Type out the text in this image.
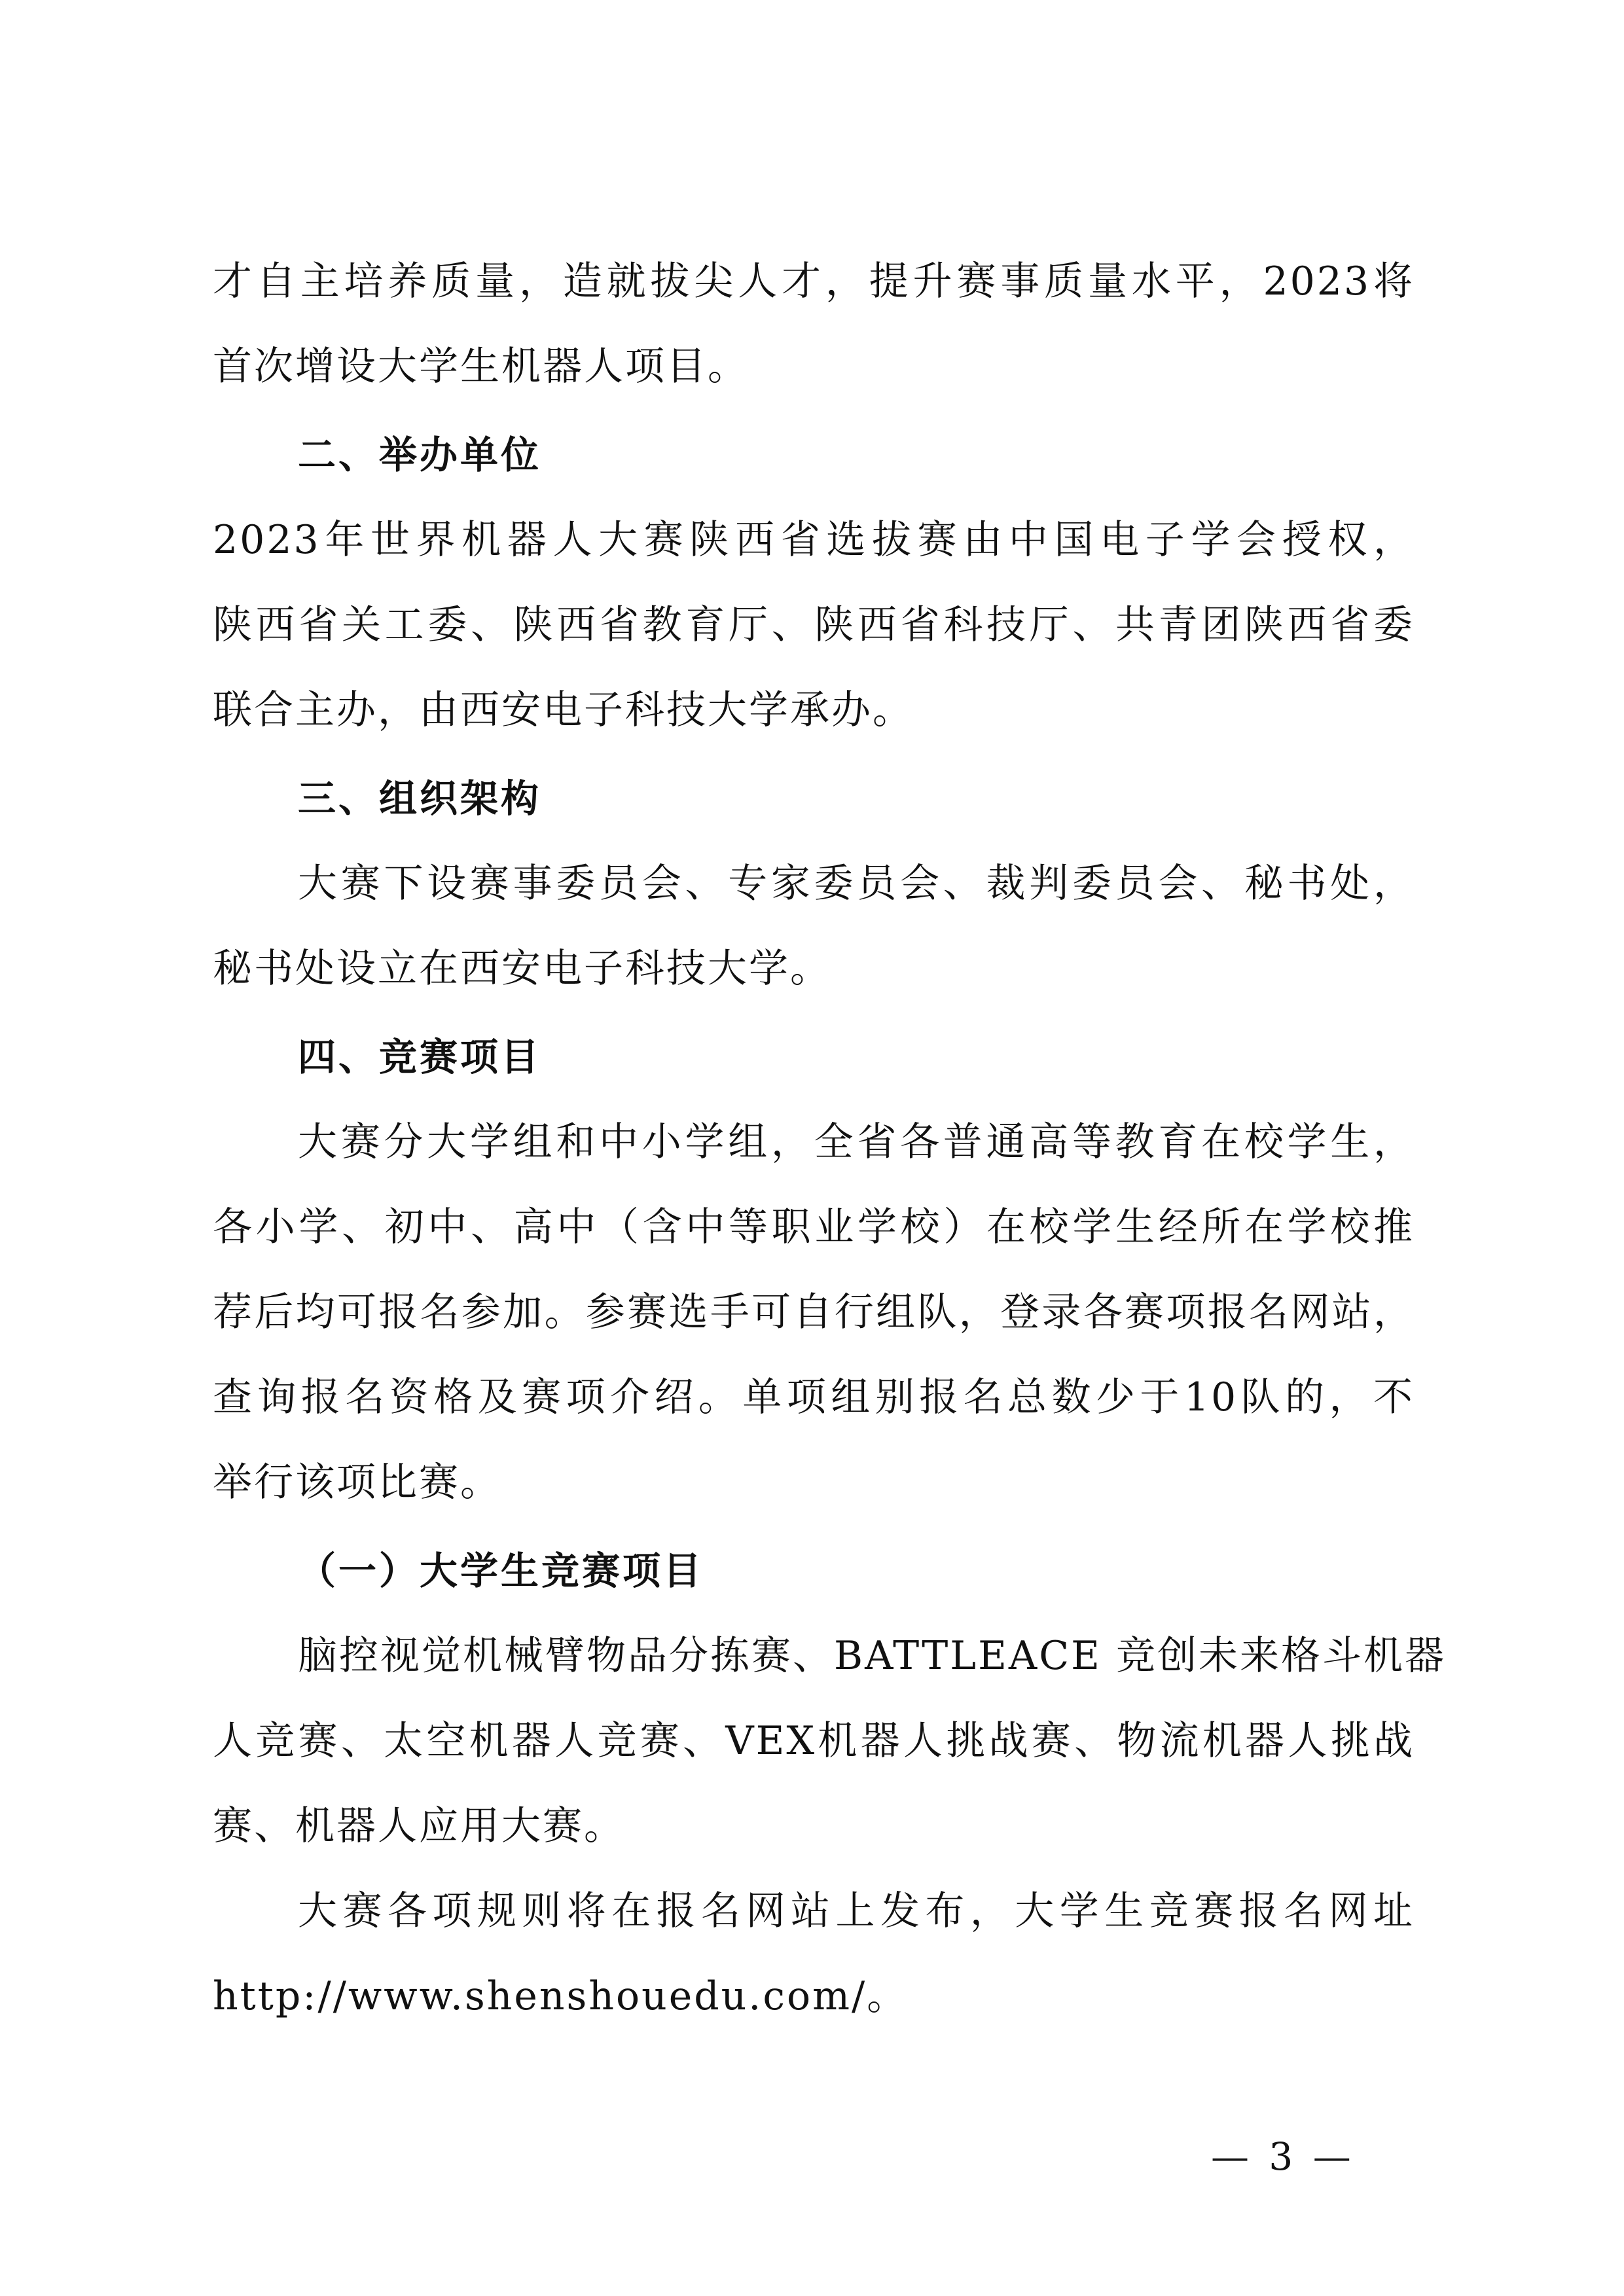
才自主培养质量，造就拔尖人才，提升赛事质量水平，2023将
首次增设大学生机器人项目。
二、举办单位
2023年世界机器人大赛陕西省选拔赛由中国电子学会授权，
陕西省关工委、陕西省教育厅、陕西省科技厅、共青团陕西省委
联合主办，由西安电子科技大学承办。
三、组织架构
大赛下设赛事委员会、专家委员会、裁判委员会、秘书处，
秘书处设立在西安电子科技大学。
四、竞赛项目
大赛分大学组和中小学组，全省各普通高等教育在校学生，
各小学、初中、高中（含中等职业学校）在校学生经所在学校推
荐后均可报名参加。参赛选手可自行组队，登录各赛项报名网站，
查询报名资格及赛项介绍。单项组别报名总数少于10队的，不
举行该项比赛。
（一）大学生竞赛项目
脑控视觉机械臂物品分拣赛、BATTLEACE 竞创未来格斗机器
人竞赛、太空机器人竞赛、VEX机器人挑战赛、物流机器人挑战
赛、机器人应用大赛。
大赛各项规则将在报名网站上发布，大学生竞赛报名网址
http://www.shenshouedu.com/。
— 3 —
